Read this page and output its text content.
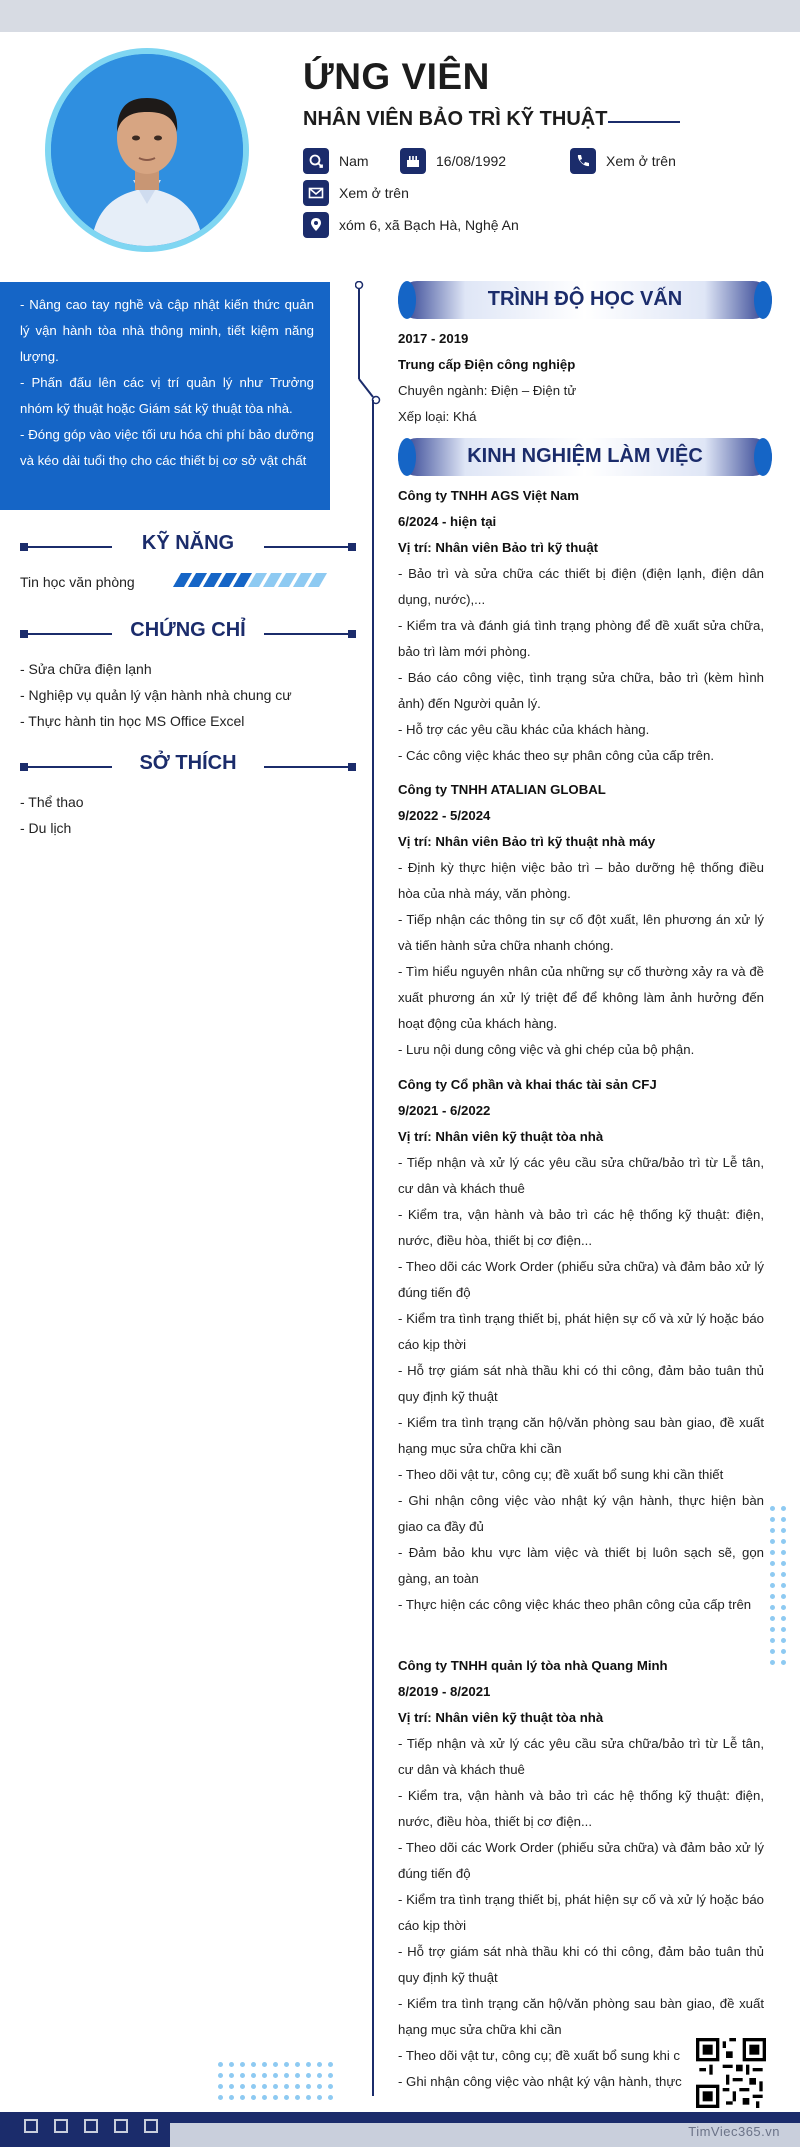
ỨNG VIÊN
NHÂN VIÊN BẢO TRÌ KỸ THUẬT
Nam	16/08/1992	Xem ở trên
Xem ở trên
xóm 6, xã Bạch Hà, Nghệ An

- Nâng cao tay nghề và cập nhật kiến thức quản lý vận hành tòa nhà thông minh, tiết kiệm năng lượng.

- Phấn đấu lên các vị trí quản lý như Trưởng nhóm kỹ thuật hoặc Giám sát kỹ thuật tòa nhà.

- Đóng góp vào việc tối ưu hóa chi phí bảo dưỡng và kéo dài tuổi thọ cho các thiết bị cơ sở vật chất

KỸ NĂNG
Tin học văn phòng
CHỨNG CHỈ
- Sửa chữa điện lạnh
- Nghiệp vụ quản lý vận hành nhà chung cư
- Thực hành tin học MS Office Excel
SỞ THÍCH
- Thể thao
- Du lịch
TRÌNH ĐỘ HỌC VẤN
2017 - 2019
Trung cấp Điện công nghiệp
Chuyên ngành: Điện – Điện tử
Xếp loại: Khá
KINH NGHIỆM LÀM VIỆC
Công ty TNHH AGS Việt Nam
6/2024 - hiện tại
Vị trí: Nhân viên Bảo trì kỹ thuật
- Bảo trì và sửa chữa các thiết bị điện (điện lạnh, điện dân dụng, nước),...
- Kiểm tra và đánh giá tình trạng phòng để đề xuất sửa chữa, bảo trì làm mới phòng.
- Báo cáo công việc, tình trạng sửa chữa, bảo trì (kèm hình ảnh) đến Người quản lý.
- Hỗ trợ các yêu cầu khác của khách hàng.
- Các công việc khác theo sự phân công của cấp trên.
Công ty TNHH ATALIAN GLOBAL
9/2022 - 5/2024
Vị trí: Nhân viên Bảo trì kỹ thuật nhà máy
- Định kỳ thực hiện việc bảo trì – bảo dưỡng hệ thống điều hòa của nhà máy, văn phòng.
- Tiếp nhận các thông tin sự cố đột xuất, lên phương án xử lý và tiến hành sửa chữa nhanh chóng.
- Tìm hiểu nguyên nhân của những sự cố thường xảy ra và đề xuất phương án xử lý triệt để để không làm ảnh hưởng đến hoạt động của khách hàng.
- Lưu nội dung công việc và ghi chép của bộ phận.
Công ty Cổ phần và khai thác tài sản CFJ
9/2021 - 6/2022
Vị trí: Nhân viên kỹ thuật tòa nhà
- Tiếp nhận và xử lý các yêu cầu sửa chữa/bảo trì từ Lễ tân, cư dân và khách thuê
- Kiểm tra, vận hành và bảo trì các hệ thống kỹ thuật: điện, nước, điều hòa, thiết bị cơ điện...
- Theo dõi các Work Order (phiếu sửa chữa) và đảm bảo xử lý đúng tiến độ
- Kiểm tra tình trạng thiết bị, phát hiện sự cố và xử lý hoặc báo cáo kịp thời
- Hỗ trợ giám sát nhà thầu khi có thi công, đảm bảo tuân thủ quy định kỹ thuật
- Kiểm tra tình trạng căn hộ/văn phòng sau bàn giao, đề xuất hạng mục sửa chữa khi cần
- Theo dõi vật tư, công cụ; đề xuất bổ sung khi cần thiết
- Ghi nhận công việc vào nhật ký vận hành, thực hiện bàn giao ca đầy đủ
- Đảm bảo khu vực làm việc và thiết bị luôn sạch sẽ, gọn gàng, an toàn
- Thực hiện các công việc khác theo phân công của cấp trên
Công ty TNHH quản lý tòa nhà Quang Minh
8/2019 - 8/2021
Vị trí: Nhân viên kỹ thuật tòa nhà
- Tiếp nhận và xử lý các yêu cầu sửa chữa/bảo trì từ Lễ tân, cư dân và khách thuê
- Kiểm tra, vận hành và bảo trì các hệ thống kỹ thuật: điện, nước, điều hòa, thiết bị cơ điện...
- Theo dõi các Work Order (phiếu sửa chữa) và đảm bảo xử lý đúng tiến độ
- Kiểm tra tình trạng thiết bị, phát hiện sự cố và xử lý hoặc báo cáo kịp thời
- Hỗ trợ giám sát nhà thầu khi có thi công, đảm bảo tuân thủ quy định kỹ thuật
- Kiểm tra tình trạng căn hộ/văn phòng sau bàn giao, đề xuất hạng mục sửa chữa khi cần
- Theo dõi vật tư, công cụ; đề xuất bổ sung khi c
- Ghi nhận công việc vào nhật ký vận hành, thực
TimViec365.vn
